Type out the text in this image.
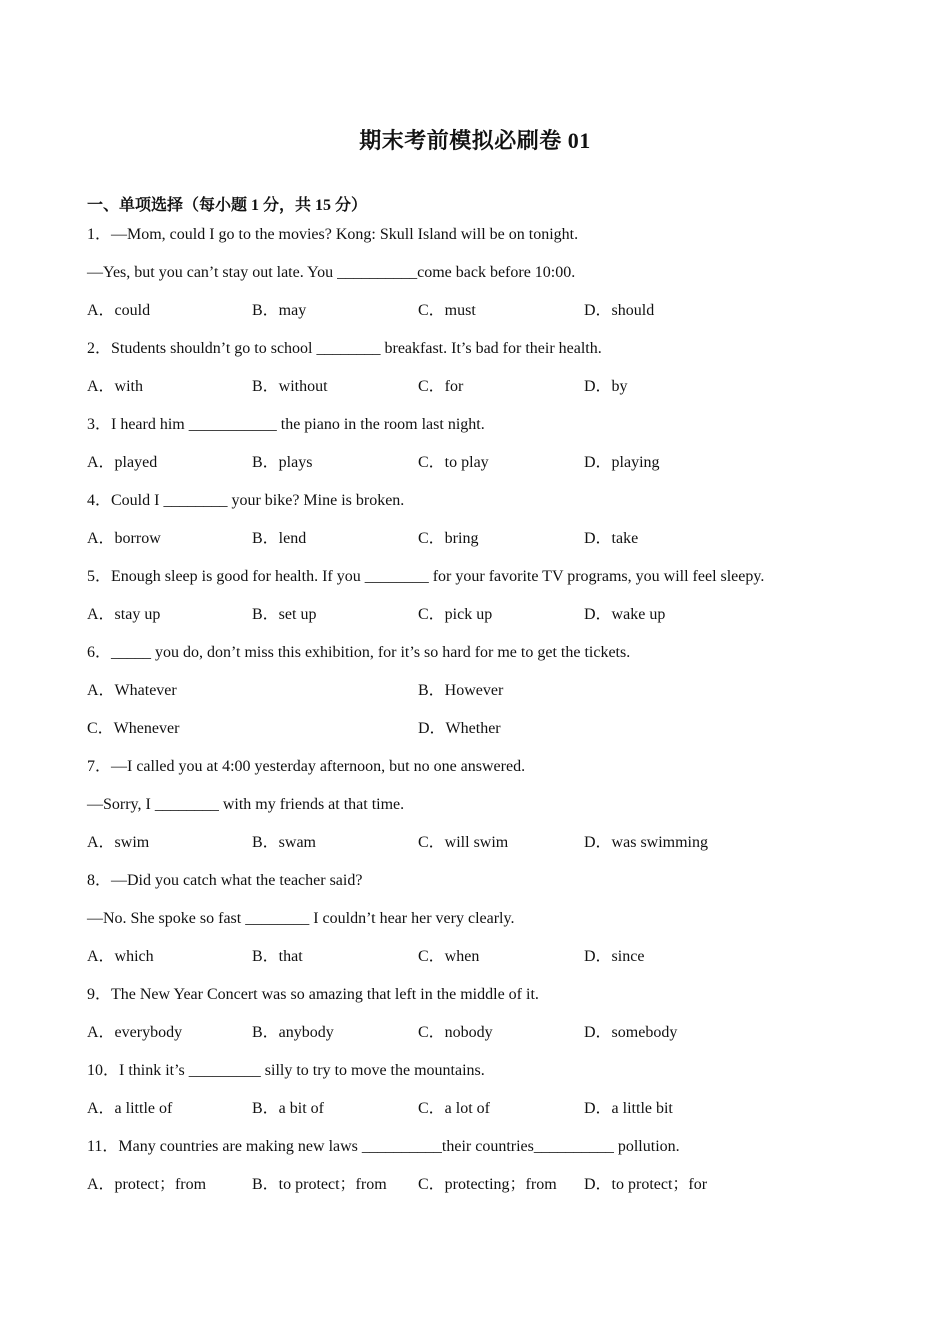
期末考前模拟必刷卷 01
一、单项选择（每小题 1 分，共 15 分）
1．—Mom, could I go to the movies? Kong: Skull Island will be on tonight.
—Yes, but you can’t stay out late. You __________come back before 10:00.
A．could	B．may	C．must	D．should
2．Students shouldn’t go to school ________ breakfast. It’s bad for their health.
A．with	B．without	C．for	D．by
3．I heard him ___________ the piano in the room last night.
A．played	B．plays	C．to play	D．playing
4．Could I ________ your bike? Mine is broken.
A．borrow	B．lend	C．bring	D．take
5．Enough sleep is good for health. If you ________ for your favorite TV programs, you will feel sleepy.
A．stay up	B．set up	C．pick up	D．wake up
6．_____ you do, don’t miss this exhibition, for it’s so hard for me to get the tickets.
A．Whatever	B．However
C．Whenever	D．Whether
7．—I called you at 4:00 yesterday afternoon, but no one answered.
—Sorry, I ________ with my friends at that time.
A．swim	B．swam	C．will swim	D．was swimming
8．—Did you catch what the teacher said?
—No. She spoke so fast ________ I couldn’t hear her very clearly.
A．which	B．that	C．when	D．since
9．The New Year Concert was so amazing that left in the middle of it.
A．everybody	B．anybody	C．nobody	D．somebody
10．I think it’s _________ silly to try to move the mountains.
A．a little of	B．a bit of	C．a lot of	D．a little bit
11．Many countries are making new laws __________their countries__________ pollution.
A．protect；from	B．to protect；from C．protecting；from D．to protect；for
